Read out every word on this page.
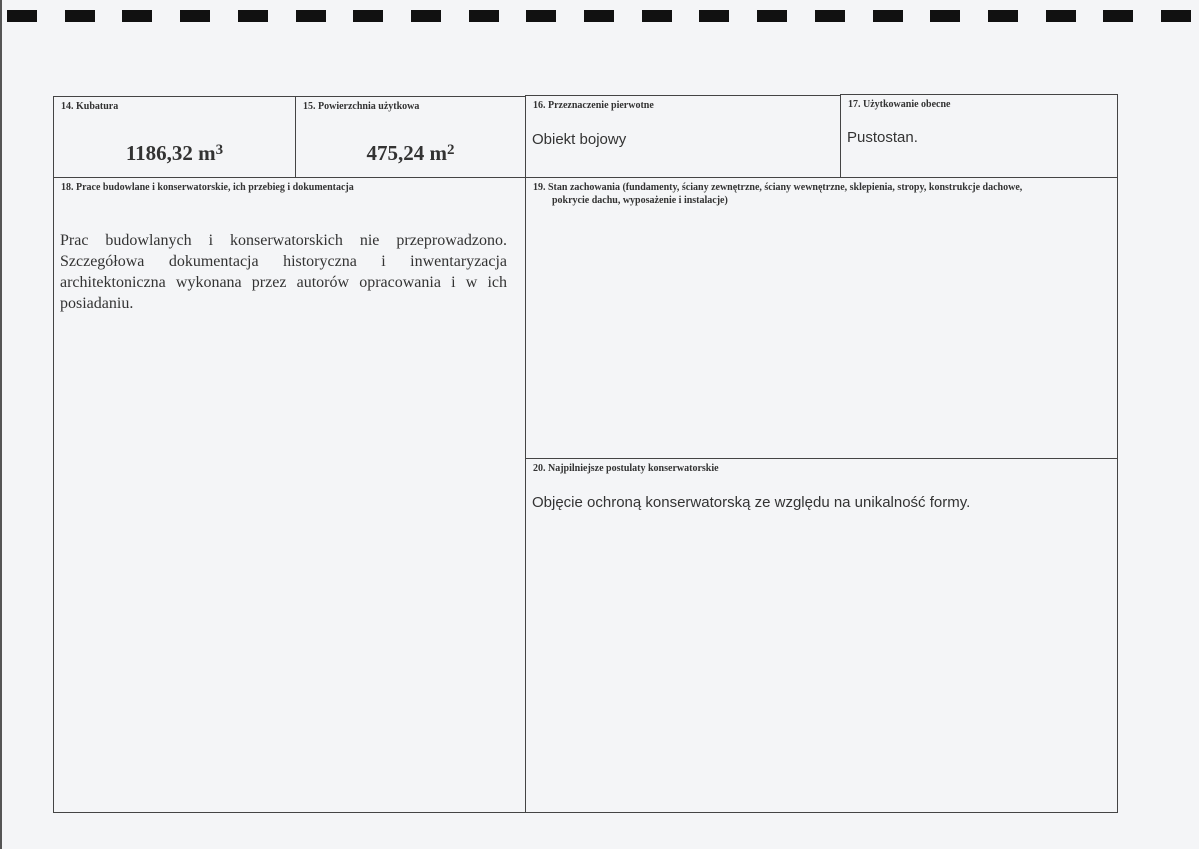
14. Kubatura
1186,32 $m^3$
15. Powierzchnia użytkowa
475,24 $m^2$
16. Przeznaczenie pierwotne
Obiekt bojowy
17. Użytkowanie obecne
Pustostan.
18. Prace budowlane i konserwatorskie, ich przebieg i dokumentacja
Prac budowlanych i konserwatorskich nie przeprowadzono. Szczegółowa dokumentacja historyczna i inwentaryzacja architektoniczna wykonana przez autorów opracowania i w ich posiadaniu.
19. Stan zachowania (fundamenty, ściany zewnętrzne, ściany wewnętrzne, sklepienia, stropy, konstrukcje dachowe,
pokrycie dachu, wyposażenie i instalacje)
20. Najpilniejsze postulaty konserwatorskie
Objęcie ochroną konserwatorską ze względu na unikalność formy.
